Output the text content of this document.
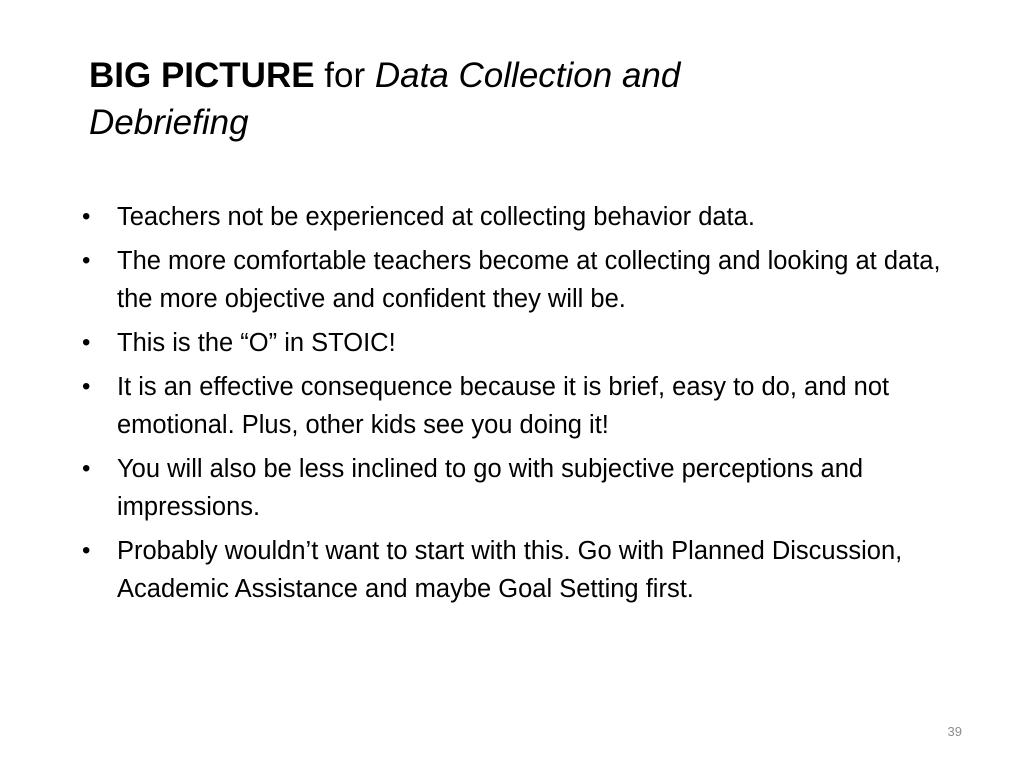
BIG PICTURE for Data Collection and Debriefing
• Teachers not be experienced at collecting behavior data.
• The more comfortable teachers become at collecting and looking at data, the more objective and confident they will be.
• This is the “O” in STOIC!
• It is an effective consequence because it is brief, easy to do, and not emotional. Plus, other kids see you doing it!
• You will also be less inclined to go with subjective perceptions and impressions.
• Probably wouldn’t want to start with this. Go with Planned Discussion, Academic Assistance and maybe Goal Setting first.
39
